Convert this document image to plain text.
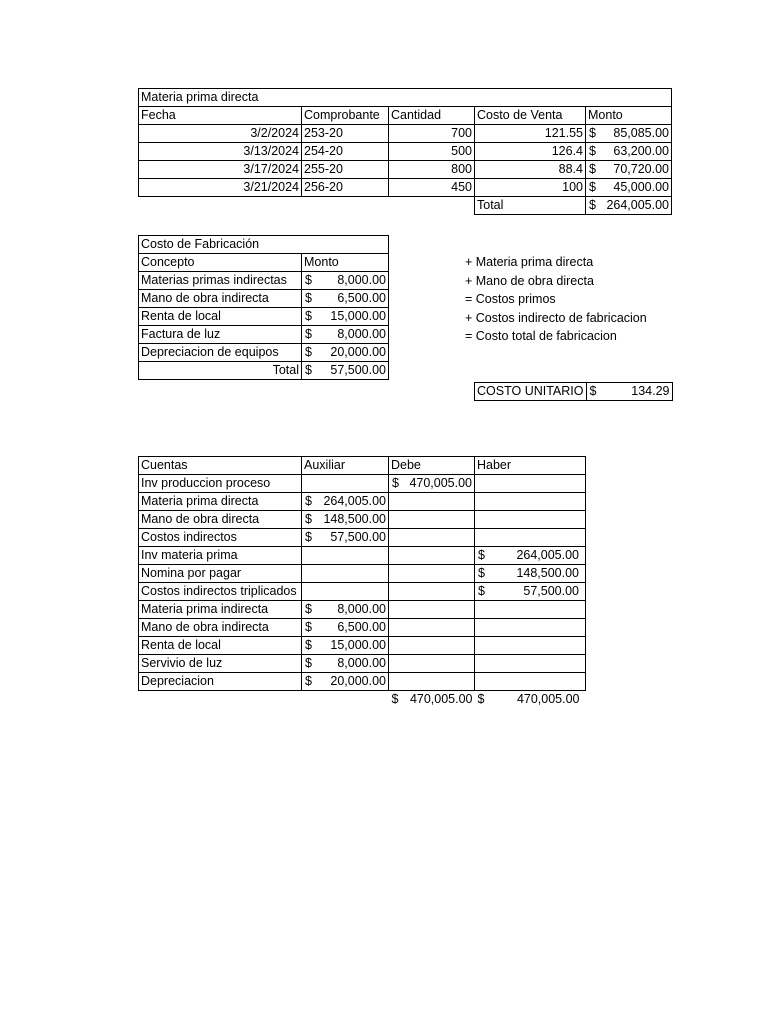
Materia prima directa				
Fecha	Comprobante	Cantidad	Costo de Venta	Monto
3/2/2024	253-20	700	121.55	$ 85,085.00

3/13/2024	254-20	500	126.4	$ 63,200.00

3/17/2024	255-20	800	88.4	$ 70,720.00

3/21/2024	256-20	450	100	$ 45,000.00

			Total	$ 264,005.00
Costo de Fabricación	
Concepto	Monto
Materias primas indirectas	$ 8,000.00

Mano de obra indirecta	$ 6,500.00

Renta de local	$ 15,000.00

Factura de luz	$ 8,000.00

Depreciacion de equipos	$ 20,000.00

Total	$ 57,500.00
+ Materia prima directa
+ Mano de obra directa
= Costos primos
+ Costos indirecto de fabricacion
= Costo total de fabricacion
COSTO UNITARIO	$	134.29
Cuentas	Auxiliar	Debe	Haber
Inv produccion proceso		$ 470,005.00	

Materia prima directa	$ 264,005.00		

Mano de obra directa	$ 148,500.00		

Costos indirectos	$ 57,500.00		

Inv materia prima			$ 264,005.00

Nomina por pagar			$ 148,500.00

Costos indirectos triplicados			$ 57,500.00

Materia prima indirecta	$ 8,000.00		

Mano de obra indirecta	$ 6,500.00		

Renta de local	$ 15,000.00		

Servivio de luz	$ 8,000.00		

Depreciacion	$ 20,000.00		

		$ 470,005.00	$ 470,005.00
